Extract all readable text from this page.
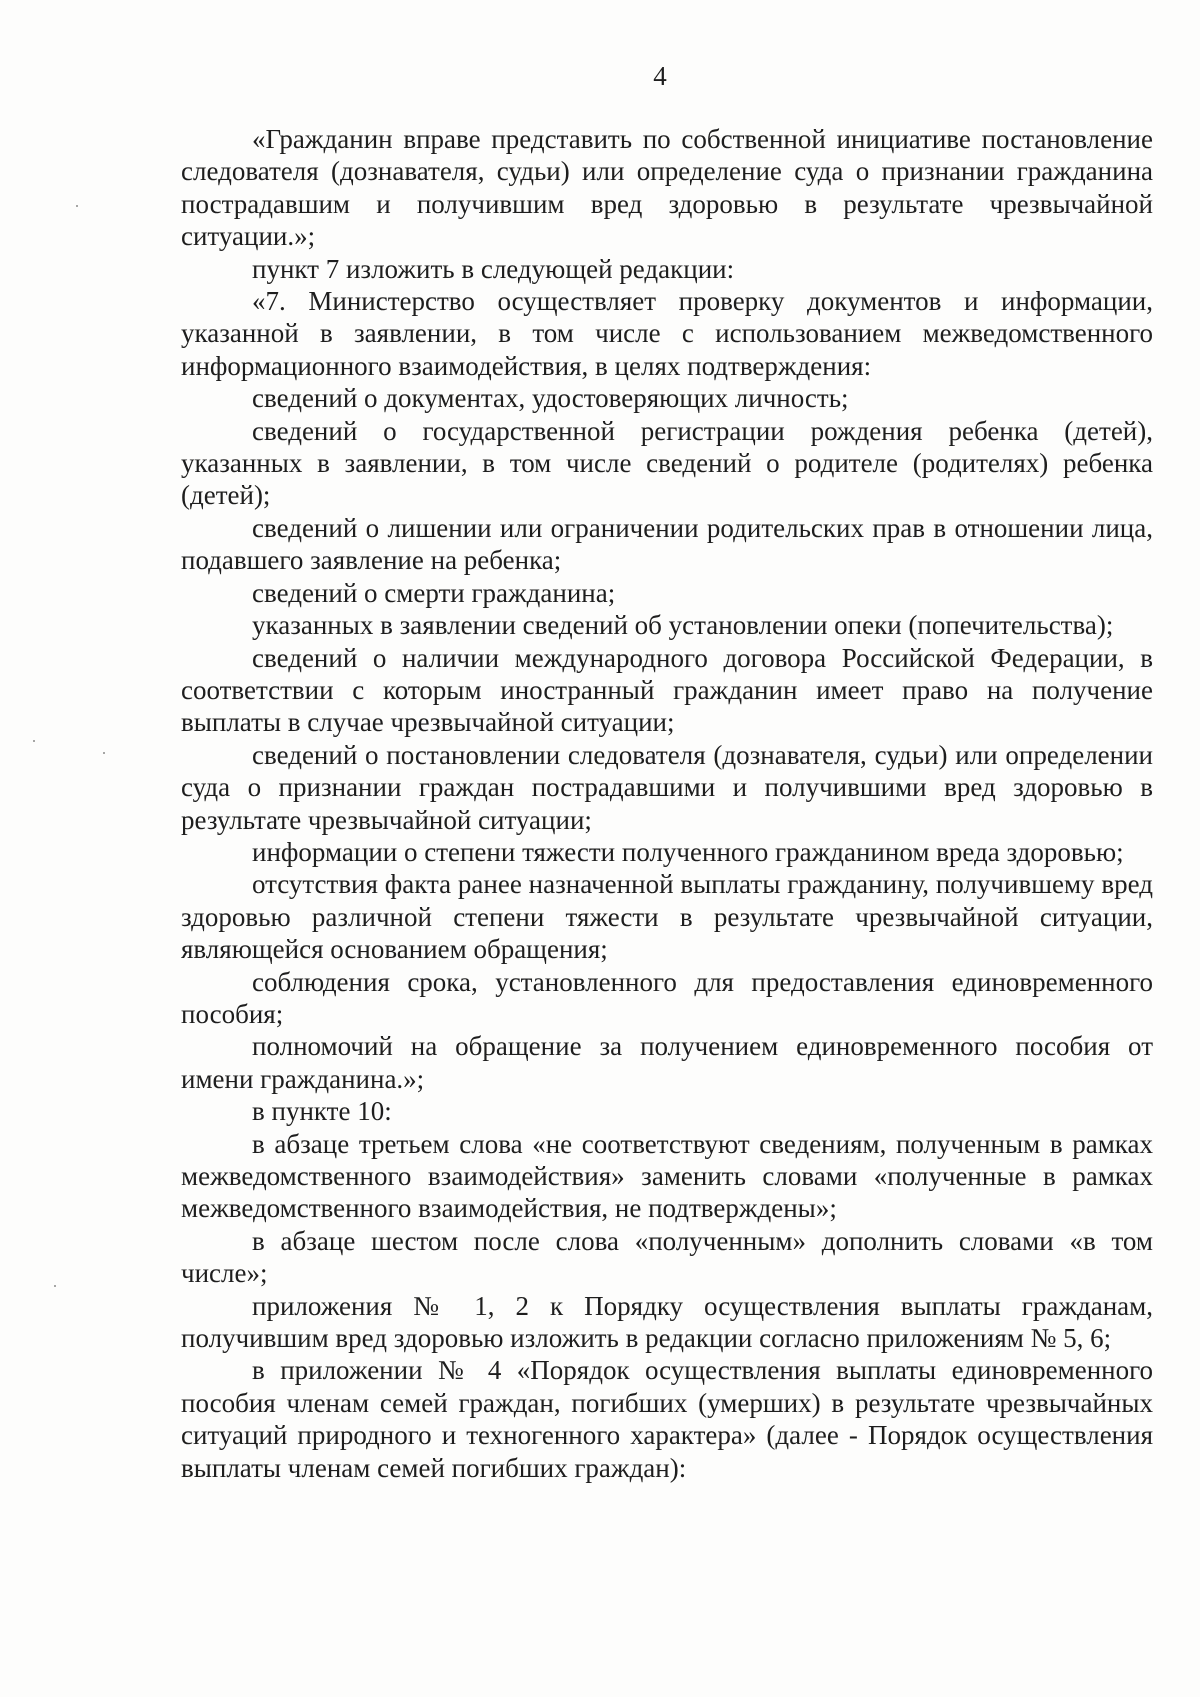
4

«Гражданин вправе представить по собственной инициативе постановление следователя (дознавателя, судьи) или определение суда о признании гражданина пострадавшим и получившим вред здоровью в результате чрезвычайной ситуации.»;

пункт 7 изложить в следующей редакции:

«7. Министерство осуществляет проверку документов и информации, указанной в заявлении, в том числе с использованием межведомственного информационного взаимодействия, в целях подтверждения:

сведений о документах, удостоверяющих личность;

сведений о государственной регистрации рождения ребенка (детей), указанных в заявлении, в том числе сведений о родителе (родителях) ребенка (детей);

сведений о лишении или ограничении родительских прав в отношении лица, подавшего заявление на ребенка;

сведений о смерти гражданина;

указанных в заявлении сведений об установлении опеки (попечительства);

сведений о наличии международного договора Российской Федерации, в соответствии с которым иностранный гражданин имеет право на получение выплаты в случае чрезвычайной ситуации;

сведений о постановлении следователя (дознавателя, судьи) или определении суда о признании граждан пострадавшими и получившими вред здоровью в результате чрезвычайной ситуации;

информации о степени тяжести полученного гражданином вреда здоровью;

отсутствия факта ранее назначенной выплаты гражданину, получившему вред здоровью различной степени тяжести в результате чрезвычайной ситуации, являющейся основанием обращения;

соблюдения срока, установленного для предоставления единовременного пособия;

полномочий на обращение за получением единовременного пособия от имени гражданина.»;

в пункте 10:

в абзаце третьем слова «не соответствуют сведениям, полученным в рамках межведомственного взаимодействия» заменить словами «полученные в рамках межведомственного взаимодействия, не подтверждены»;

в абзаце шестом после слова «полученным» дополнить словами «в том числе»;

приложения № 1, 2 к Порядку осуществления выплаты гражданам, получившим вред здоровью изложить в редакции согласно приложениям № 5, 6;

в приложении № 4 «Порядок осуществления выплаты единовременного пособия членам семей граждан, погибших (умерших) в результате чрезвычайных ситуаций природного и техногенного характера» (далее - Порядок осуществления выплаты членам семей погибших граждан):
